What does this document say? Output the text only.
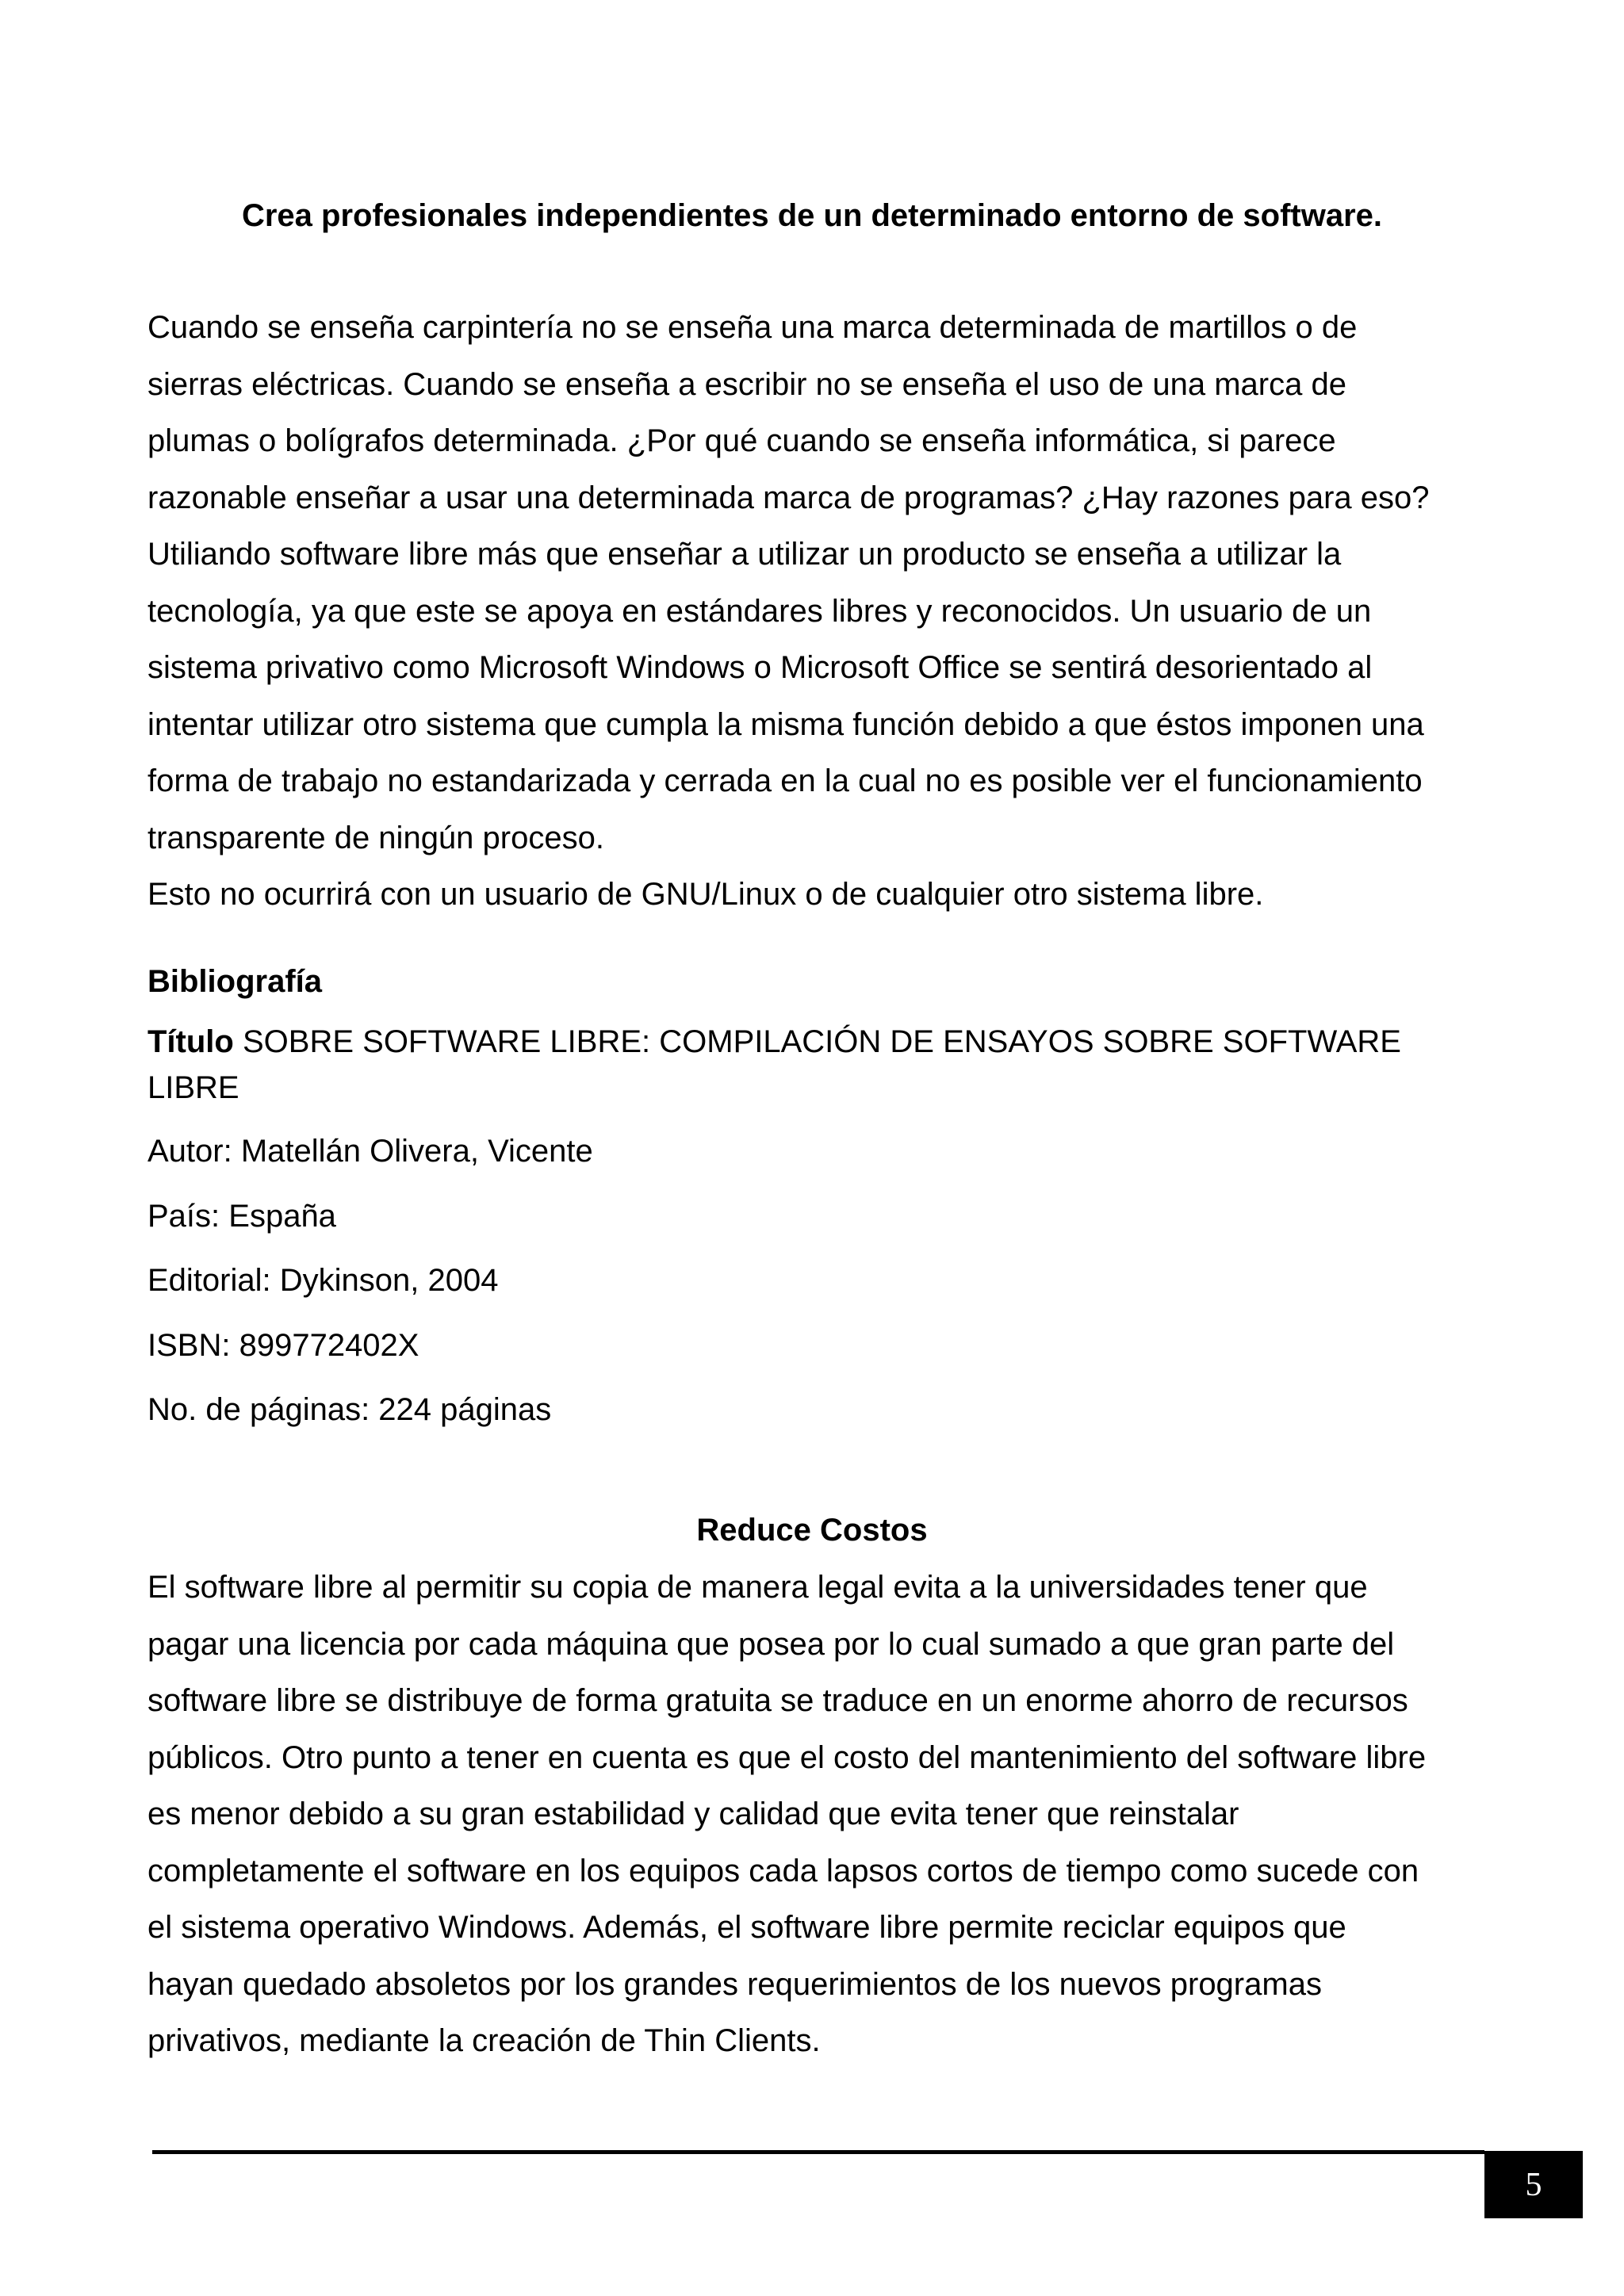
Crea profesionales independientes de un determinado entorno de software.

Cuando se enseña carpintería no se enseña una marca determinada de martillos o de
sierras eléctricas. Cuando se enseña a escribir no se enseña el uso de una marca de
plumas o bolígrafos determinada. ¿Por qué cuando se enseña informática, si parece
razonable enseñar a usar una determinada marca de programas? ¿Hay razones para eso?
Utiliando software libre más que enseñar a utilizar un producto se enseña a utilizar la
tecnología, ya que este se apoya en estándares libres y reconocidos. Un usuario de un
sistema privativo como Microsoft Windows o Microsoft Office se sentirá desorientado al
intentar utilizar otro sistema que cumpla la misma función debido a que éstos imponen una
forma de trabajo no estandarizada y cerrada en la cual no es posible ver el funcionamiento
transparente de ningún proceso.
Esto no ocurrirá con un usuario de GNU/Linux o de cualquier otro sistema libre.

Bibliografía

Título SOBRE SOFTWARE LIBRE: COMPILACIÓN DE ENSAYOS SOBRE SOFTWARE
LIBRE

Autor: Matellán Olivera, Vicente
País: España
Editorial: Dykinson, 2004
ISBN: 899772402X
No. de páginas: 224 páginas
Reduce Costos

El software libre al permitir su copia de manera legal evita a la universidades tener que
pagar una licencia por cada máquina que posea por lo cual sumado a que gran parte del
software libre se distribuye de forma gratuita se traduce en un enorme ahorro de recursos
públicos. Otro punto a tener en cuenta es que el costo del mantenimiento del software libre
es menor debido a su gran estabilidad y calidad que evita tener que reinstalar
completamente el software en los equipos cada lapsos cortos de tiempo como sucede con
el sistema operativo Windows. Además, el software libre permite reciclar equipos que
hayan quedado absoletos por los grandes requerimientos de los nuevos programas
privativos, mediante la creación de Thin Clients.

5
